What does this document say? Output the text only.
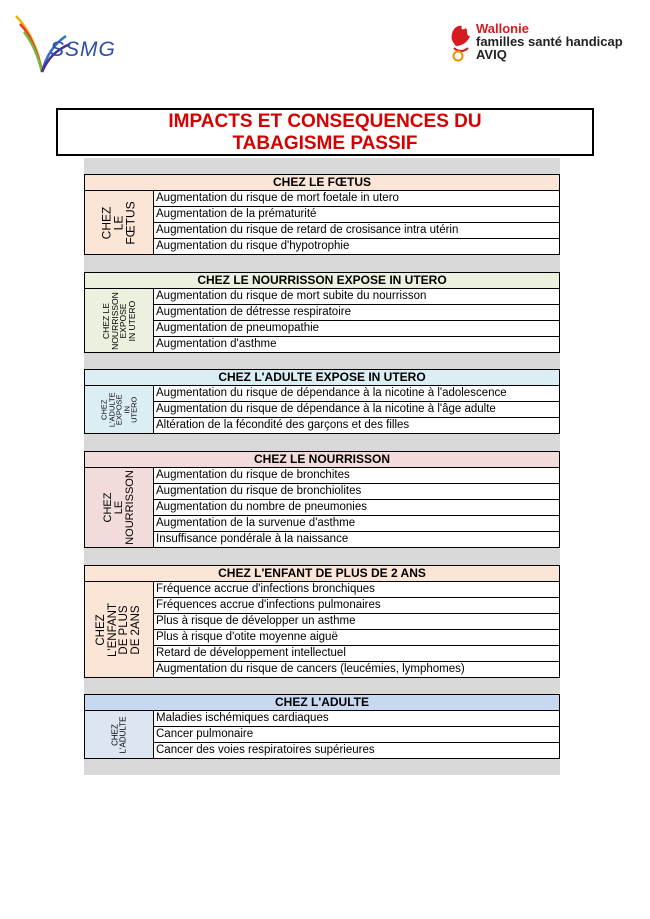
SSMG
Wallonie
familles santé handicap
AVIQ
IMPACTS ET CONSEQUENCES DU
TABAGISME PASSIF
CHEZ LE FŒTUS
CHEZ
LE
FŒTUS
Augmentation du risque de mort foetale in utero
Augmentation de la prématurité
Augmentation du risque de retard de crosisance intra utérin
Augmentation du risque d'hypotrophie
CHEZ LE NOURRISSON EXPOSE IN UTERO
CHEZ LE
NOURRISSON
EXPOSE
IN UTERO
Augmentation du risque de mort subite du nourrisson
Augmentation de détresse respiratoire
Augmentation de pneumopathie
Augmentation d'asthme
CHEZ L'ADULTE EXPOSE IN UTERO
CHEZ
L'ADULTE
EXPOSE
IN
UTERO
Augmentation du risque de dépendance à la nicotine à l'adolescence
Augmentation du risque de dépendance à la nicotine à l'âge adulte
Altération de la fécondité des garçons et des filles
CHEZ LE NOURRISSON
CHEZ
LE
NOURRISSON Augmentation du risque de bronchites
Augmentation du risque de bronchiolites
Augmentation du nombre de pneumonies
Augmentation de la survenue d'asthme
Insuffisance pondérale à la naissance
CHEZ L'ENFANT DE PLUS DE 2 ANS
CHEZ
L'ENFANT
DE PLUS
DE 2ANS
Fréquence accrue d'infections bronchiques
Fréquences accrue d'infections pulmonaires
Plus à risque de développer un asthme
Plus à risque d'otite moyenne aiguë
Retard de développement intellectuel
Augmentation du risque de cancers (leucémies, lymphomes)
CHEZ L'ADULTE
CHEZ
L'ADULTE	Maladies ischémiques cardiaques
Cancer pulmonaire
Cancer des voies respiratoires supérieures
